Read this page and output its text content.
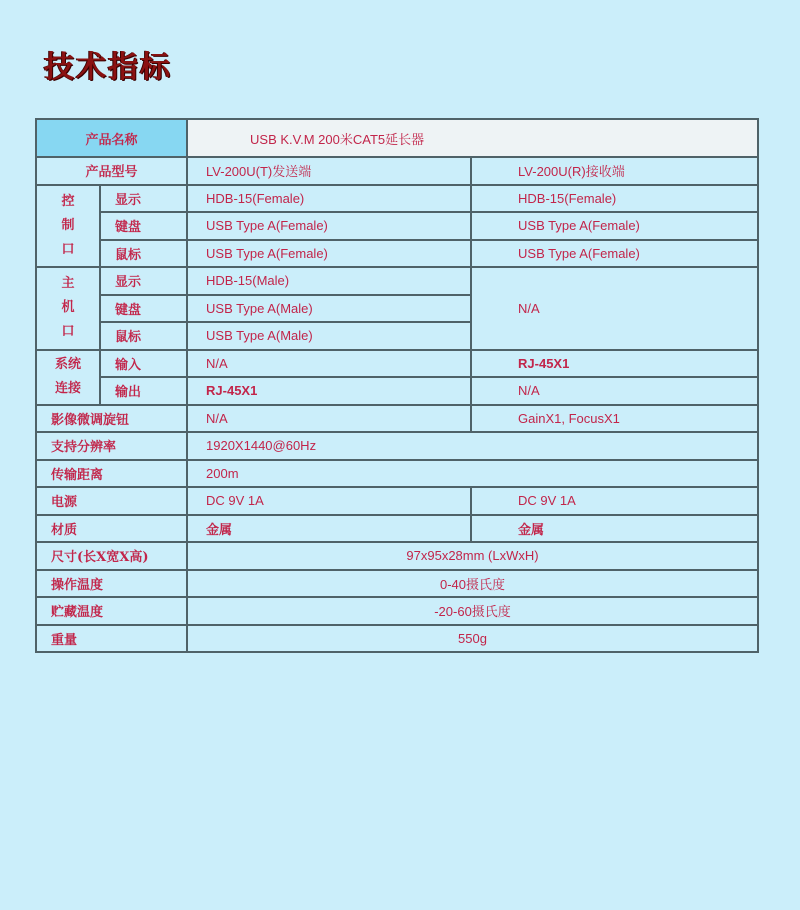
技术指标
产品名称		USB K.V.M 200米CAT5延长器	
产品型号		LV-200U(T)发送端	LV-200U(R)接收端

控
制
口	显示	HDB-15(Female)	HDB-15(Female)
	键盘	USB Type A(Female)	USB Type A(Female)
	鼠标	USB Type A(Female)	USB Type A(Female)

主
机
口	显示	HDB-15(Male)	N/A
	键盘	USB Type A(Male)	
	鼠标	USB Type A(Male)	

系统
连接	输入	N/A	RJ-45X1
	输出	RJ-45X1	N/A
影像微调旋钮		N/A	GainX1, FocusX1
支持分辨率		1920X1440@60Hz	
传输距离		200m	
电源		DC 9V 1A	DC 9V 1A
材质		金属	金属
尺寸(长X宽X高)		97x95x28mm (LxWxH)	
操作温度		0-40摄氏度	
贮藏温度		-20-60摄氏度	
重量		550g	
